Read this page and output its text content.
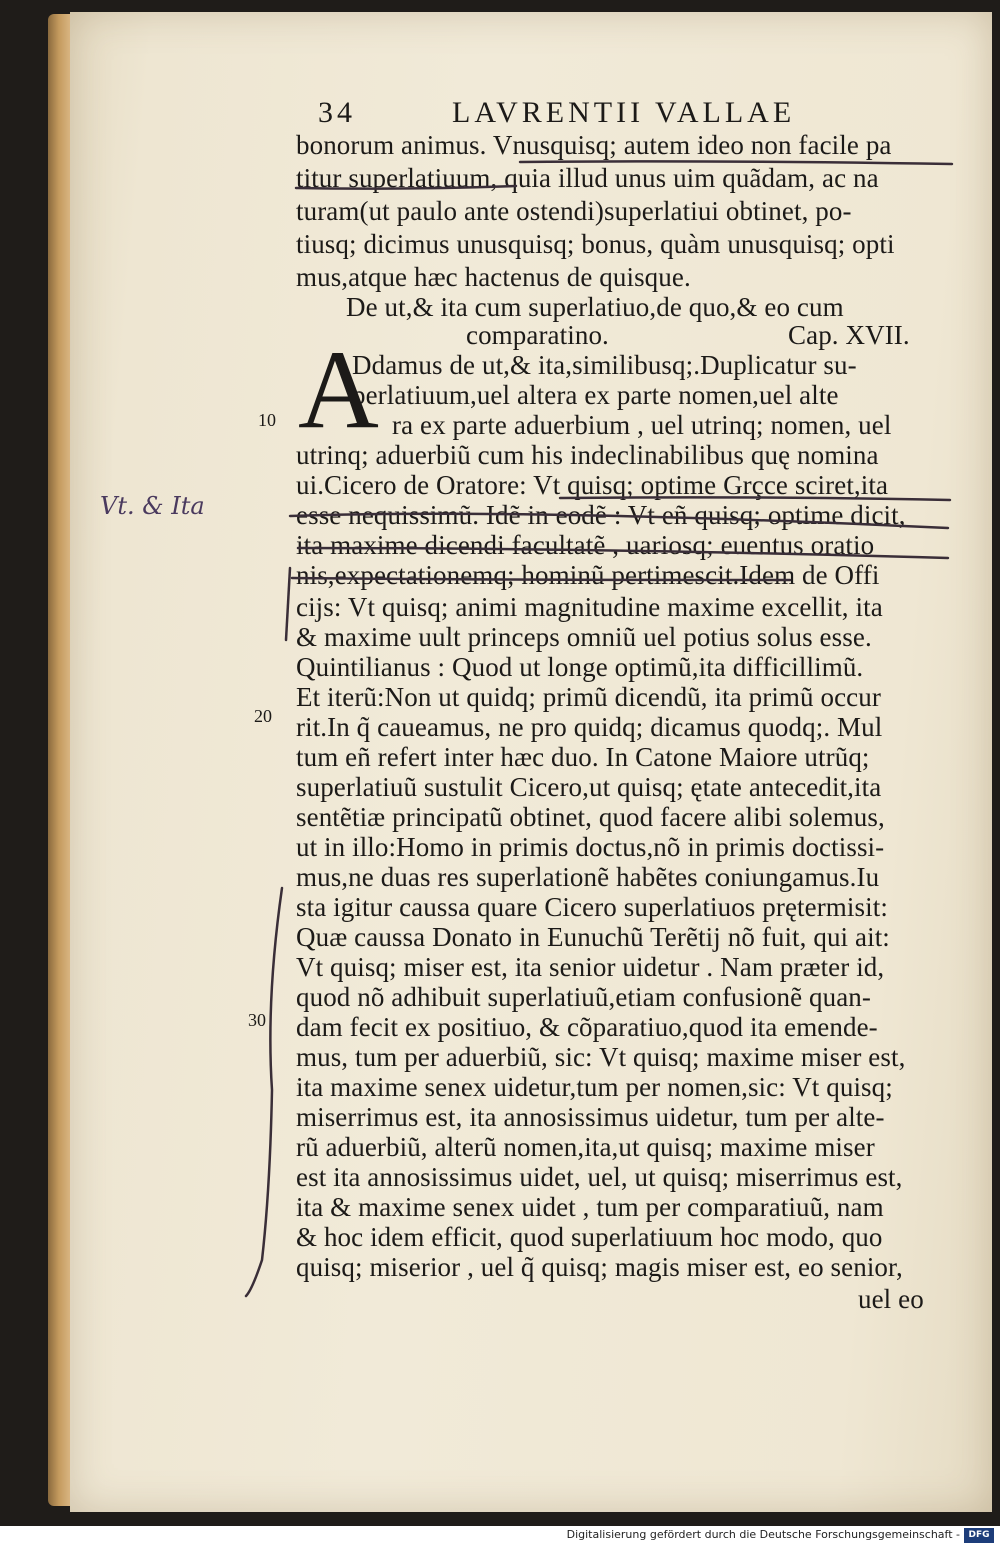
34	LAVRENTII VALLAE
bonorum animus. Vnusquisq; autem ideo non facile pa
titur superlatiuum, quia illud unus uim quãdam, ac na
turam(ut paulo ante ostendi)superlatiui obtinet, po-
tiusq; dicimus unusquisq; bonus, quàm unusquisq; opti
mus,atque hæc hactenus de quisque.
De ut,& ita cum superlatiuo,de quo,& eo cum
comparatino.	Cap. XVII.
A
Ddamus de ut,& ita,similibusq;.Duplicatur su-
perlatiuum,uel altera ex parte nomen,uel alte
ra ex parte aduerbium , uel utrinq; nomen, uel
utrinq; aduerbiũ cum his indeclinabilibus quę nomina
ui.Cicero de Oratore: Vt quisq; optime Grçce sciret,ita
esse nequissimũ. Idẽ in eodẽ : Vt eñ quisq; optime dicit,
ita maxime dicendi facultatẽ , uariosq; euentus oratio
nis,expectationemq; hominũ pertimescit.Idem de Offi
cijs: Vt quisq; animi magnitudine maxime excellit, ita
& maxime uult princeps omniũ uel potius solus esse.
Quintilianus : Quod ut longe optimũ,ita difficillimũ.
Et iterũ:Non ut quidq; primũ dicendũ, ita primũ occur
rit.In q̃ caueamus, ne pro quidq; dicamus quodq;. Mul
tum eñ refert inter hæc duo. In Catone Maiore utrũq;
superlatiuũ sustulit Cicero,ut quisq; ętate antecedit,ita
sentẽtiæ principatũ obtinet, quod facere alibi solemus,
ut in illo:Homo in primis doctus,nõ in primis doctissi-
mus,ne duas res superlationẽ habẽtes coniungamus.Iu
sta igitur caussa quare Cicero superlatiuos prętermisit:
Quæ caussa Donato in Eunuchũ Terẽtij nõ fuit, qui ait:
Vt quisq; miser est, ita senior uidetur . Nam præter id,
quod nõ adhibuit superlatiuũ,etiam confusionẽ quan-
dam fecit ex positiuo, & cõparatiuo,quod ita emende-
mus, tum per aduerbiũ, sic: Vt quisq; maxime miser est,
ita maxime senex uidetur,tum per nomen,sic: Vt quisq;
miserrimus est, ita annosissimus uidetur, tum per alte-
rũ aduerbiũ, alterũ nomen,ita,ut quisq; maxime miser
est ita annosissimus uidet, uel, ut quisq; miserrimus est,
ita & maxime senex uidet , tum per comparatiuũ, nam
& hoc idem efficit, quod superlatiuum hoc modo, quo
quisq; miserior , uel q̃ quisq; magis miser est, eo senior,
uel eo
10
20
30
Vt. & Ita
Digitalisierung gefördert durch die Deutsche Forschungsgemeinschaft - DFG
